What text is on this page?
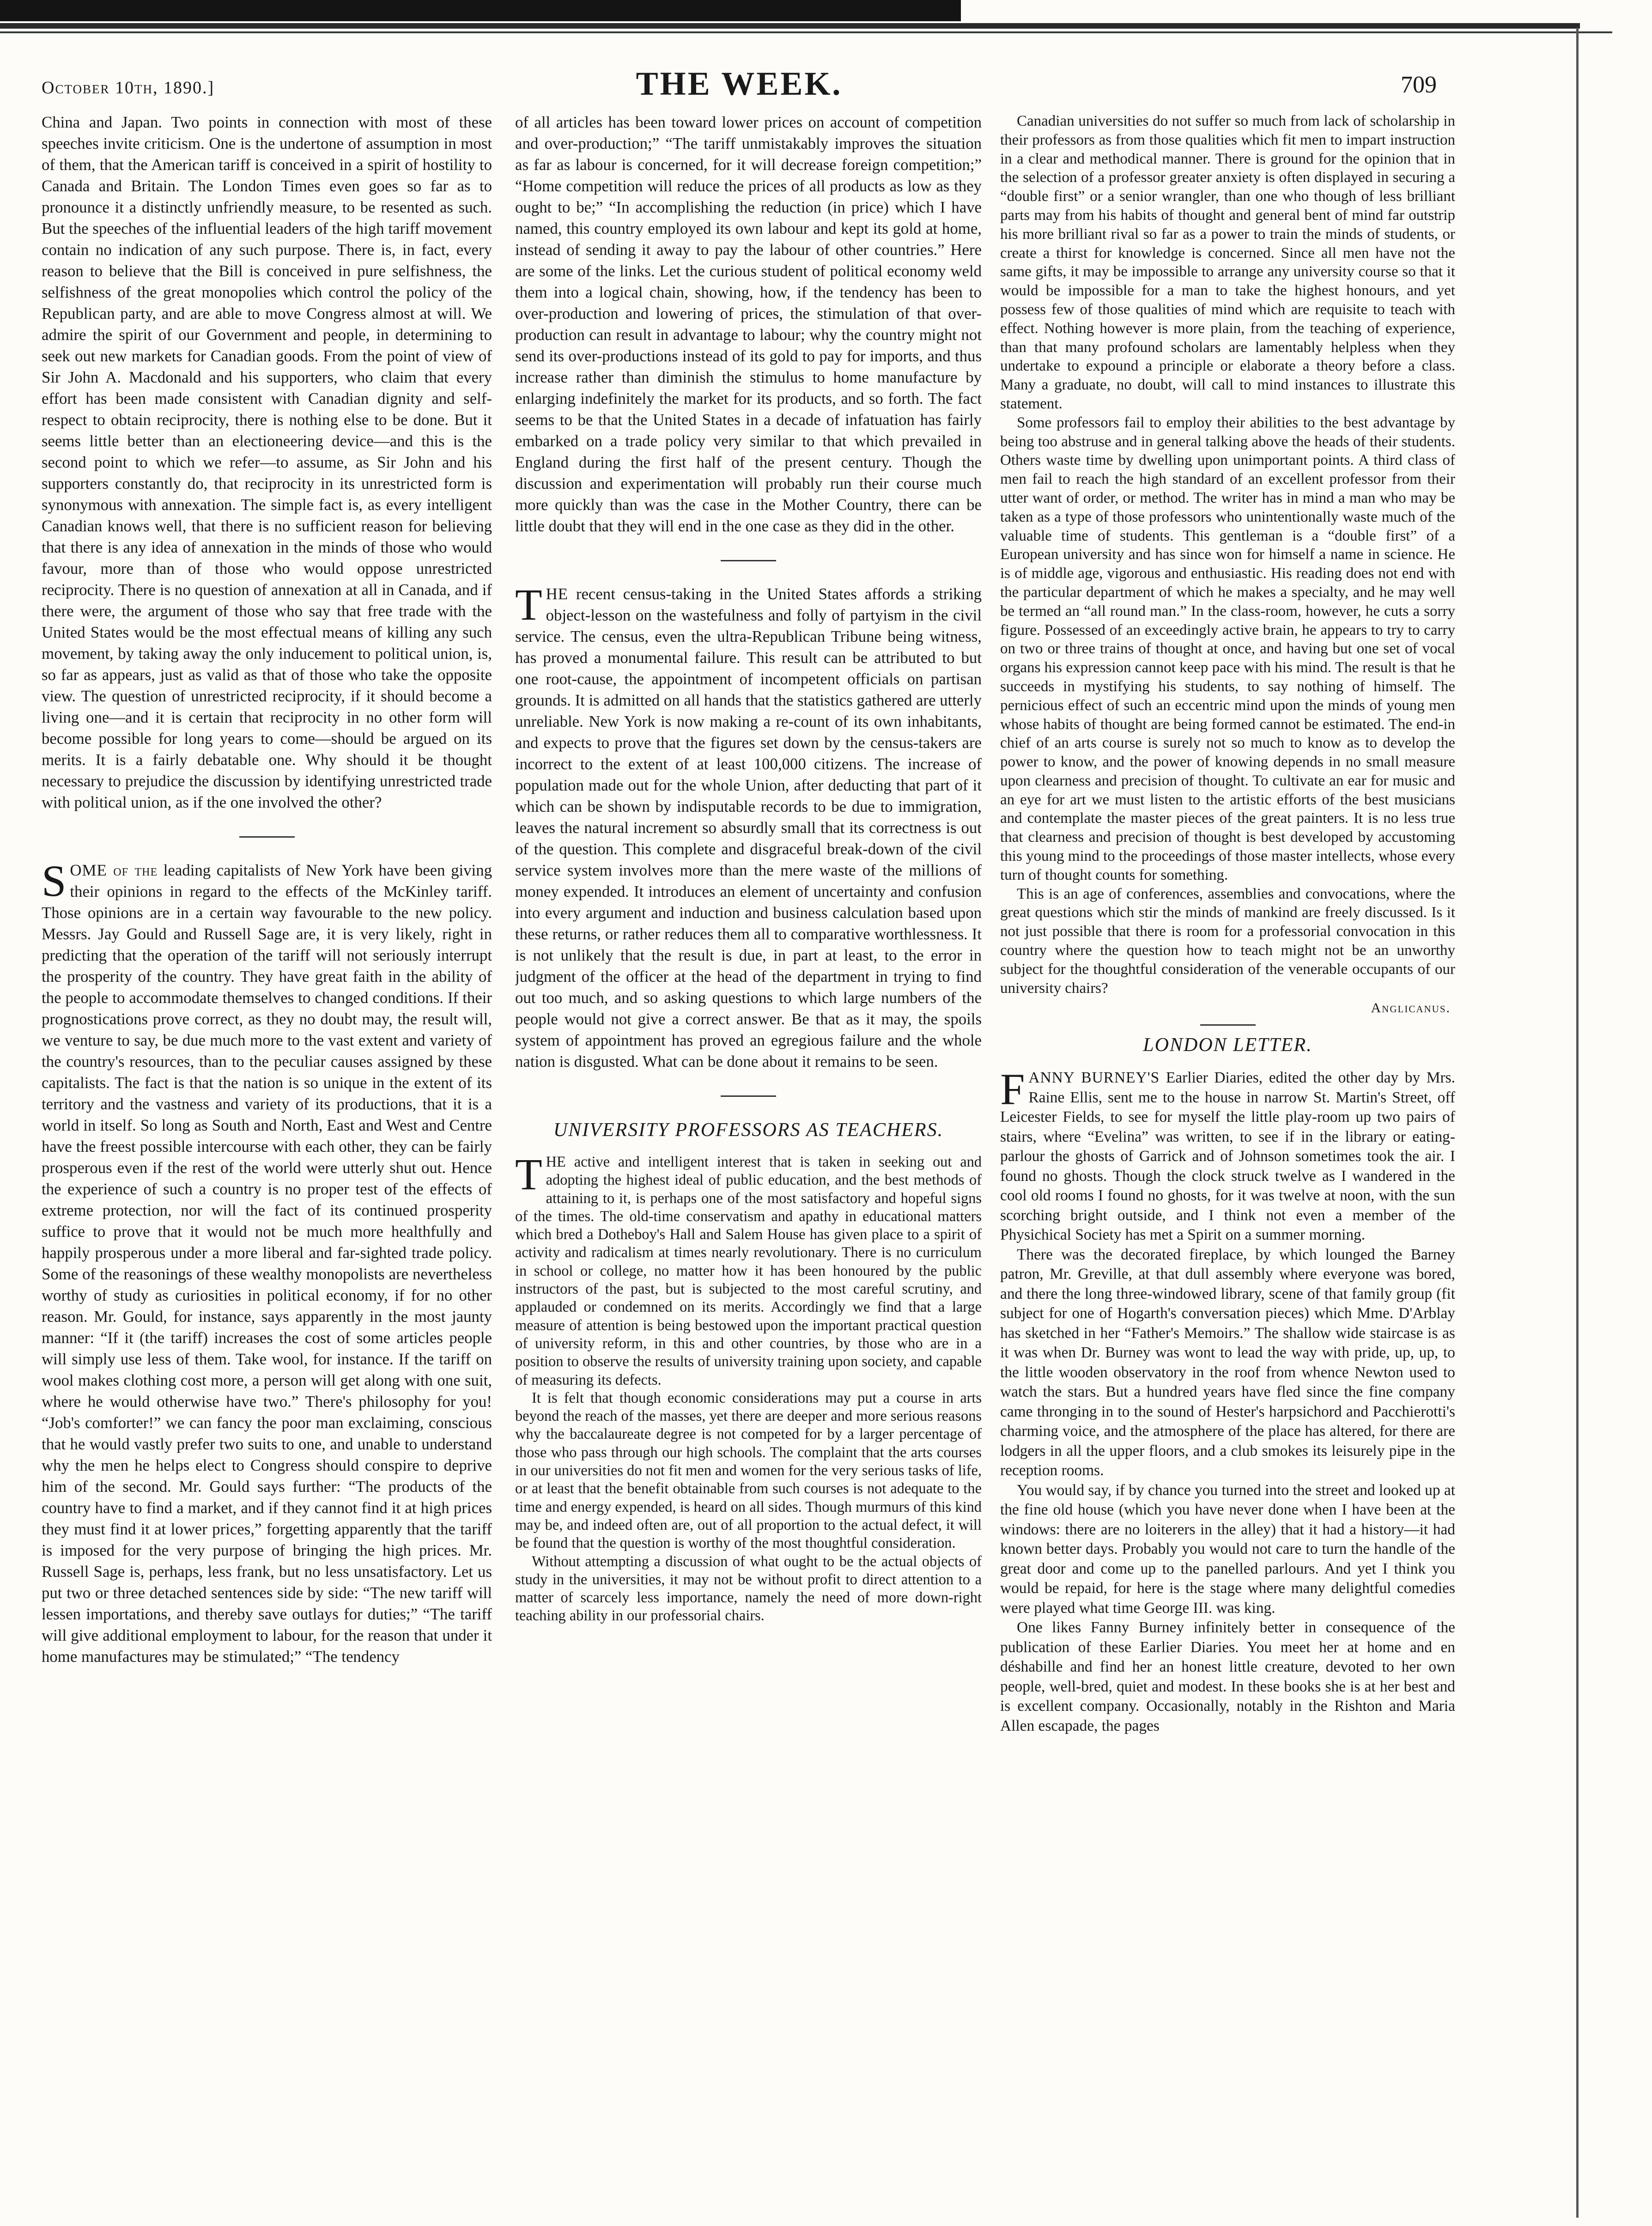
October 10th, 1890.]	THE WEEK.	709

China and Japan. Two points in connection with most of these speeches invite criticism. One is the undertone of assumption in most of them, that the American tariff is conceived in a spirit of hostility to Canada and Britain. The London Times even goes so far as to pronounce it a distinctly unfriendly measure, to be resented as such. But the speeches of the influential leaders of the high tariff movement contain no indication of any such purpose. There is, in fact, every reason to believe that the Bill is conceived in pure selfishness, the selfishness of the great monopolies which control the policy of the Republican party, and are able to move Congress almost at will. We admire the spirit of our Government and people, in determining to seek out new markets for Canadian goods. From the point of view of Sir John A. Macdonald and his supporters, who claim that every effort has been made consistent with Canadian dignity and self-respect to obtain reciprocity, there is nothing else to be done. But it seems little better than an electioneering device—and this is the second point to which we refer—to assume, as Sir John and his supporters constantly do, that reciprocity in its unrestricted form is synonymous with annexation. The simple fact is, as every intelligent Canadian knows well, that there is no sufficient reason for believing that there is any idea of annexation in the minds of those who would favour, more than of those who would oppose unrestricted reciprocity. There is no question of annexation at all in Canada, and if there were, the argument of those who say that free trade with the United States would be the most effectual means of killing any such movement, by taking away the only inducement to political union, is, so far as appears, just as valid as that of those who take the opposite view. The question of unrestricted reciprocity, if it should become a living one—and it is certain that reciprocity in no other form will become possible for long years to come—should be argued on its merits. It is a fairly debatable one. Why should it be thought necessary to prejudice the discussion by identifying unrestricted trade with political union, as if the one involved the other?

SOME of the leading capitalists of New York have been giving their opinions in regard to the effects of the McKinley tariff. Those opinions are in a certain way favourable to the new policy. Messrs. Jay Gould and Russell Sage are, it is very likely, right in predicting that the operation of the tariff will not seriously interrupt the prosperity of the country. They have great faith in the ability of the people to accommodate themselves to changed conditions. If their prognostications prove correct, as they no doubt may, the result will, we venture to say, be due much more to the vast extent and variety of the country's resources, than to the peculiar causes assigned by these capitalists. The fact is that the nation is so unique in the extent of its territory and the vastness and variety of its productions, that it is a world in itself. So long as South and North, East and West and Centre have the freest possible intercourse with each other, they can be fairly prosperous even if the rest of the world were utterly shut out. Hence the experience of such a country is no proper test of the effects of extreme protection, nor will the fact of its continued prosperity suffice to prove that it would not be much more healthfully and happily prosperous under a more liberal and far-sighted trade policy. Some of the reasonings of these wealthy monopolists are nevertheless worthy of study as curiosities in political economy, if for no other reason. Mr. Gould, for instance, says apparently in the most jaunty manner: “If it (the tariff) increases the cost of some articles people will simply use less of them. Take wool, for instance. If the tariff on wool makes clothing cost more, a person will get along with one suit, where he would otherwise have two.” There's philosophy for you! “Job's comforter!” we can fancy the poor man exclaiming, conscious that he would vastly prefer two suits to one, and unable to understand why the men he helps elect to Congress should conspire to deprive him of the second. Mr. Gould says further: “The products of the country have to find a market, and if they cannot find it at high prices they must find it at lower prices,” forgetting apparently that the tariff is imposed for the very purpose of bringing the high prices. Mr. Russell Sage is, perhaps, less frank, but no less unsatisfactory. Let us put two or three detached sentences side by side: “The new tariff will lessen importations, and thereby save outlays for duties;” “The tariff will give additional employment to labour, for the reason that under it home manufactures may be stimulated;” “The tendency

of all articles has been toward lower prices on account of competition and over-production;” “The tariff unmistakably improves the situation as far as labour is concerned, for it will decrease foreign competition;” “Home competition will reduce the prices of all products as low as they ought to be;” “In accomplishing the reduction (in price) which I have named, this country employed its own labour and kept its gold at home, instead of sending it away to pay the labour of other countries.” Here are some of the links. Let the curious student of political economy weld them into a logical chain, showing, how, if the tendency has been to over-production and lowering of prices, the stimulation of that over-production can result in advantage to labour; why the country might not send its over-productions instead of its gold to pay for imports, and thus increase rather than diminish the stimulus to home manufacture by enlarging indefinitely the market for its products, and so forth. The fact seems to be that the United States in a decade of infatuation has fairly embarked on a trade policy very similar to that which prevailed in England during the first half of the present century. Though the discussion and experimentation will probably run their course much more quickly than was the case in the Mother Country, there can be little doubt that they will end in the one case as they did in the other.

THE recent census-taking in the United States affords a striking object-lesson on the wastefulness and folly of partyism in the civil service. The census, even the ultra-Republican Tribune being witness, has proved a monumental failure. This result can be attributed to but one root-cause, the appointment of incompetent officials on partisan grounds. It is admitted on all hands that the statistics gathered are utterly unreliable. New York is now making a re-count of its own inhabitants, and expects to prove that the figures set down by the census-takers are incorrect to the extent of at least 100,000 citizens. The increase of population made out for the whole Union, after deducting that part of it which can be shown by indisputable records to be due to immigration, leaves the natural increment so absurdly small that its correctness is out of the question. This complete and disgraceful break-down of the civil service system involves more than the mere waste of the millions of money expended. It introduces an element of uncertainty and confusion into every argument and induction and business calculation based upon these returns, or rather reduces them all to comparative worthlessness. It is not unlikely that the result is due, in part at least, to the error in judgment of the officer at the head of the department in trying to find out too much, and so asking questions to which large numbers of the people would not give a correct answer. Be that as it may, the spoils system of appointment has proved an egregious failure and the whole nation is disgusted. What can be done about it remains to be seen.

UNIVERSITY PROFESSORS AS TEACHERS.

THE active and intelligent interest that is taken in seeking out and adopting the highest ideal of public education, and the best methods of attaining to it, is perhaps one of the most satisfactory and hopeful signs of the times. The old-time conservatism and apathy in educational matters which bred a Dotheboy's Hall and Salem House has given place to a spirit of activity and radicalism at times nearly revolutionary. There is no curriculum in school or college, no matter how it has been honoured by the public instructors of the past, but is subjected to the most careful scrutiny, and applauded or condemned on its merits. Accordingly we find that a large measure of attention is being bestowed upon the important practical question of university reform, in this and other countries, by those who are in a position to observe the results of university training upon society, and capable of measuring its defects.

It is felt that though economic considerations may put a course in arts beyond the reach of the masses, yet there are deeper and more serious reasons why the baccalaureate degree is not competed for by a larger percentage of those who pass through our high schools. The complaint that the arts courses in our universities do not fit men and women for the very serious tasks of life, or at least that the benefit obtainable from such courses is not adequate to the time and energy expended, is heard on all sides. Though murmurs of this kind may be, and indeed often are, out of all proportion to the actual defect, it will be found that the question is worthy of the most thoughtful consideration.

Without attempting a discussion of what ought to be the actual objects of study in the universities, it may not be without profit to direct attention to a matter of scarcely less importance, namely the need of more down-right teaching ability in our professorial chairs.

Canadian universities do not suffer so much from lack of scholarship in their professors as from those qualities which fit men to impart instruction in a clear and methodical manner. There is ground for the opinion that in the selection of a professor greater anxiety is often displayed in securing a “double first” or a senior wrangler, than one who though of less brilliant parts may from his habits of thought and general bent of mind far outstrip his more brilliant rival so far as a power to train the minds of students, or create a thirst for knowledge is concerned. Since all men have not the same gifts, it may be impossible to arrange any university course so that it would be impossible for a man to take the highest honours, and yet possess few of those qualities of mind which are requisite to teach with effect. Nothing however is more plain, from the teaching of experience, than that many profound scholars are lamentably helpless when they undertake to expound a principle or elaborate a theory before a class. Many a graduate, no doubt, will call to mind instances to illustrate this statement.

Some professors fail to employ their abilities to the best advantage by being too abstruse and in general talking above the heads of their students. Others waste time by dwelling upon unimportant points. A third class of men fail to reach the high standard of an excellent professor from their utter want of order, or method. The writer has in mind a man who may be taken as a type of those professors who unintentionally waste much of the valuable time of students. This gentleman is a “double first” of a European university and has since won for himself a name in science. He is of middle age, vigorous and enthusiastic. His reading does not end with the particular department of which he makes a specialty, and he may well be termed an “all round man.” In the class-room, however, he cuts a sorry figure. Possessed of an exceedingly active brain, he appears to try to carry on two or three trains of thought at once, and having but one set of vocal organs his expression cannot keep pace with his mind. The result is that he succeeds in mystifying his students, to say nothing of himself. The pernicious effect of such an eccentric mind upon the minds of young men whose habits of thought are being formed cannot be estimated. The end-in chief of an arts course is surely not so much to know as to develop the power to know, and the power of knowing depends in no small measure upon clearness and precision of thought. To cultivate an ear for music and an eye for art we must listen to the artistic efforts of the best musicians and contemplate the master pieces of the great painters. It is no less true that clearness and precision of thought is best developed by accustoming this young mind to the proceedings of those master intellects, whose every turn of thought counts for something.

This is an age of conferences, assemblies and convocations, where the great questions which stir the minds of mankind are freely discussed. Is it not just possible that there is room for a professorial convocation in this country where the question how to teach might not be an unworthy subject for the thoughtful consideration of the venerable occupants of our university chairs?

Anglicanus.
LONDON LETTER.

FANNY BURNEY'S Earlier Diaries, edited the other day by Mrs. Raine Ellis, sent me to the house in narrow St. Martin's Street, off Leicester Fields, to see for myself the little play-room up two pairs of stairs, where “Evelina” was written, to see if in the library or eating-parlour the ghosts of Garrick and of Johnson sometimes took the air. I found no ghosts. Though the clock struck twelve as I wandered in the cool old rooms I found no ghosts, for it was twelve at noon, with the sun scorching bright outside, and I think not even a member of the Physichical Society has met a Spirit on a summer morning.

There was the decorated fireplace, by which lounged the Barney patron, Mr. Greville, at that dull assembly where everyone was bored, and there the long three-windowed library, scene of that family group (fit subject for one of Hogarth's conversation pieces) which Mme. D'Arblay has sketched in her “Father's Memoirs.” The shallow wide staircase is as it was when Dr. Burney was wont to lead the way with pride, up, up, to the little wooden observatory in the roof from whence Newton used to watch the stars. But a hundred years have fled since the fine company came thronging in to the sound of Hester's harpsichord and Pacchierotti's charming voice, and the atmosphere of the place has altered, for there are lodgers in all the upper floors, and a club smokes its leisurely pipe in the reception rooms.

You would say, if by chance you turned into the street and looked up at the fine old house (which you have never done when I have been at the windows: there are no loiterers in the alley) that it had a history—it had known better days. Probably you would not care to turn the handle of the great door and come up to the panelled parlours. And yet I think you would be repaid, for here is the stage where many delightful comedies were played what time George III. was king.

One likes Fanny Burney infinitely better in consequence of the publication of these Earlier Diaries. You meet her at home and en déshabille and find her an honest little creature, devoted to her own people, well-bred, quiet and modest. In these books she is at her best and is excellent company. Occasionally, notably in the Rishton and Maria Allen escapade, the pages
